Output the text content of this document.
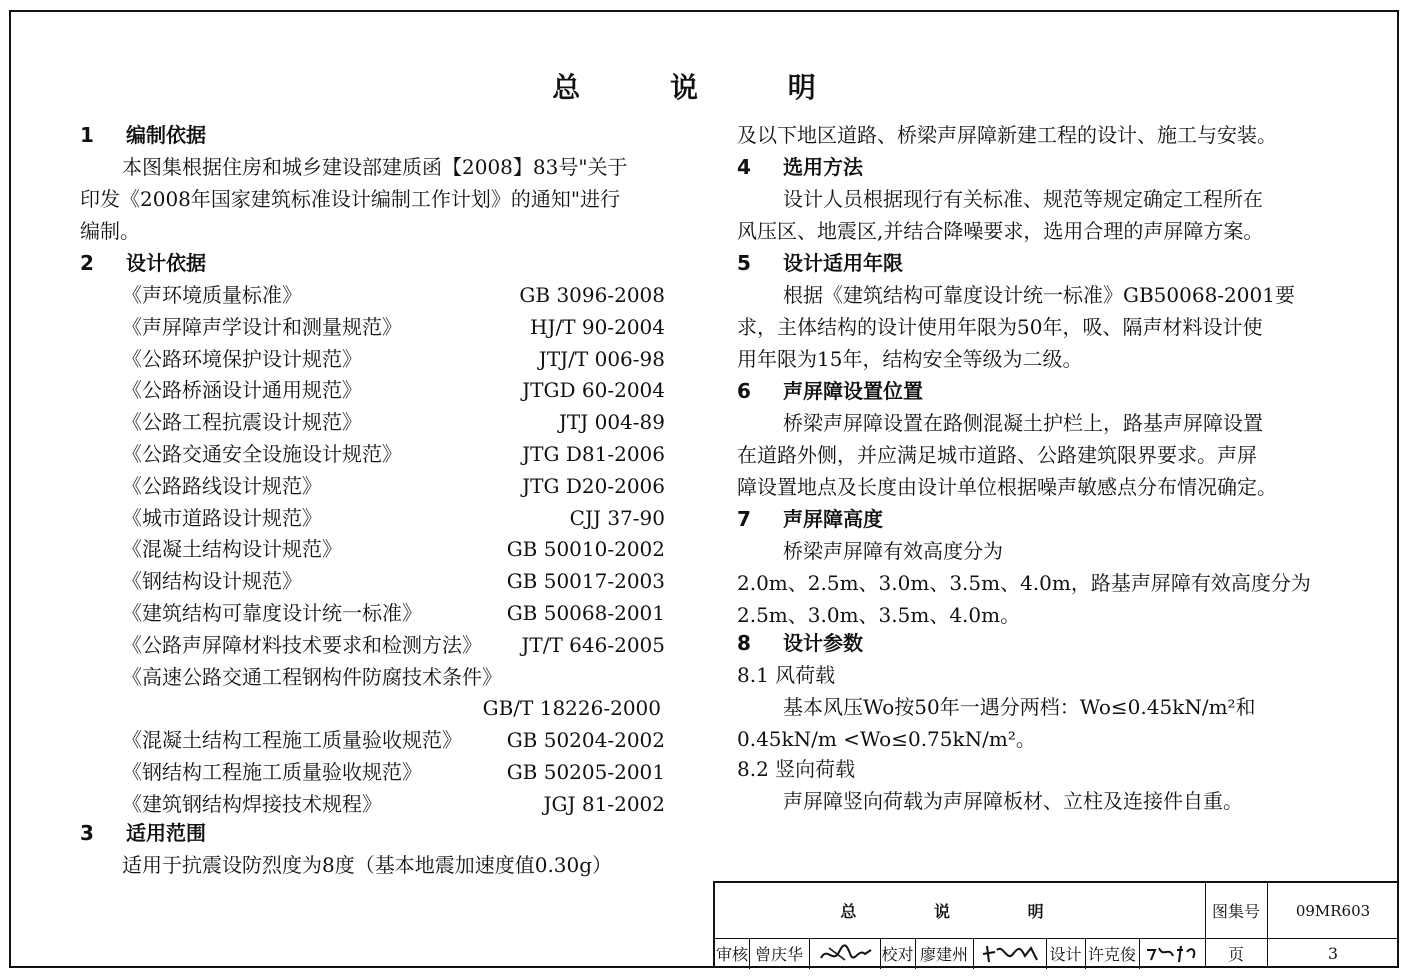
总 说 明
1 编制依据
本图集根据住房和城乡建设部建质函【2008】83号"关于
印发《2008年国家建筑标准设计编制工作计划》的通知"进行
编制。
2 设计依据
《声环境质量标准》	GB 3096-2008
《声屏障声学设计和测量规范》	HJ/T 90-2004
《公路环境保护设计规范》	JTJ/T 006-98
《公路桥涵设计通用规范》	JTGD 60-2004
《公路工程抗震设计规范》	JTJ 004-89
《公路交通安全设施设计规范》	JTG D81-2006
《公路路线设计规范》	JTG D20-2006
《城市道路设计规范》	CJJ 37-90
《混凝土结构设计规范》	GB 50010-2002
《钢结构设计规范》	GB 50017-2003
《建筑结构可靠度设计统一标准》	GB 50068-2001
《公路声屏障材料技术要求和检测方法》 JT/T 646-2005
《高速公路交通工程钢构件防腐技术条件》
GB/T 18226-2000
《混凝土结构工程施工质量验收规范》 GB 50204-2002
《钢结构工程施工质量验收规范》	GB 50205-2001
《建筑钢结构焊接技术规程》	JGJ 81-2002
3 适用范围
适用于抗震设防烈度为8度（基本地震加速度值0.30g）
及以下地区道路、桥梁声屏障新建工程的设计、施工与安装。
4 选用方法
设计人员根据现行有关标准、规范等规定确定工程所在
风压区、地震区,并结合降噪要求，选用合理的声屏障方案。
5 设计适用年限
根据《建筑结构可靠度设计统一标准》GB50068-2001要
求，主体结构的设计使用年限为50年，吸、隔声材料设计使
用年限为15年，结构安全等级为二级。
6 声屏障设置位置
桥梁声屏障设置在路侧混凝土护栏上，路基声屏障设置
在道路外侧，并应满足城市道路、公路建筑限界要求。声屏
障设置地点及长度由设计单位根据噪声敏感点分布情况确定。
7 声屏障高度
桥梁声屏障有效高度分为
2.0m、2.5m、3.0m、3.5m、4.0m，路基声屏障有效高度分为
2.5m、3.0m、3.5m、4.0m。
8 设计参数
8.1 风荷载
基本风压Wo按50年一遇分两档：Wo≤0.45kN/m²和
0.45kN/m <Wo≤0.75kN/m²。
8.2 竖向荷载
声屏障竖向荷载为声屏障板材、立柱及连接件自重。
总 说 明	图集号	09MR603
审核 曾庆华	校对 廖建州	设计 许克俊	页	3
